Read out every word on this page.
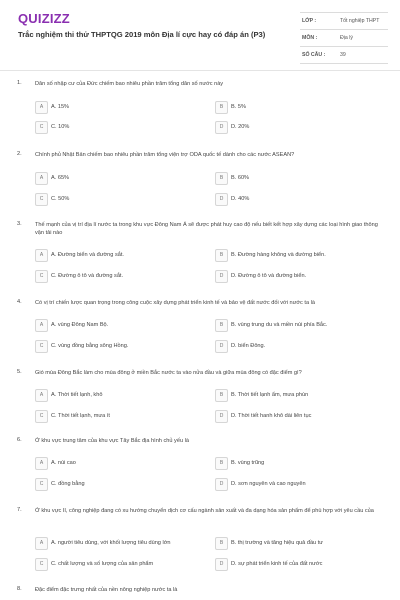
QUIZIZZ
Trắc nghiệm thi thử THPTQG 2019 môn Địa lí cực hay có đáp án (P3)
LỚP :	Tốt nghiệp THPT
MÔN :	Địa lý
SỐ CÂU :	39
1. Dân số nhập cư của Đức chiếm bao nhiêu phần trăm tổng dân số nước này
A	A. 15%	B	B. 5%
C	C. 10%	D	D. 20%
2. Chính phủ Nhật Bản chiếm bao nhiêu phần trăm tổng viện trợ ODA quốc tế dành cho các nước ASEAN?
A	A. 65%	B	B. 60%
C	C. 50%	D	D. 40%
3. Thế mạnh của vị trí địa lí nước ta trong khu vực Đông Nam Á sẽ được phát huy cao độ nếu biết kết hợp xây dựng các loại hình giao thông vận tải nào
A	A. Đường biển và đường sắt.	B	B. Đường hàng không và đường biển.
C	C. Đường ô tô và đường sắt.	D	D. Đường ô tô và đường biển.
4. Có vị trí chiến lược quan trọng trong công cuộc xây dựng phát triển kinh tế và bảo vệ đất nước đối với nước ta là
A	A. vùng Đông Nam Bộ.	B	B. vùng trung du và miền núi phía Bắc.
C	C. vùng đồng bằng sông Hồng.	D	D. biển Đông.
5. Gió mùa Đông Bắc làm cho mùa đông ở miền Bắc nước ta vào nửa đầu và giữa mùa đông có đặc điểm gì?
A	A. Thời tiết lạnh, khô	B	B. Thời tiết lạnh ẩm, mưa phùn
C	C. Thời tiết lạnh, mưa ít	D	D. Thời tiết hanh khô dài liên tục
6. Ở khu vực trung tâm của khu vực Tây Bắc địa hình chủ yếu là
A	A. núi cao	B	B. vùng trũng
C	C. đồng bằng	D	D. sơn nguyên và cao nguyên
7. Ở khu vực II, công nghiệp đang có xu hướng chuyển dịch cơ cấu ngành sản xuất và đa dạng hóa sản phẩm để phù hợp với yêu cầu của
A	A. người tiêu dùng, với khối lượng tiêu dùng lớn	B	B. thị trường và tăng hiệu quả đầu tư
C	C. chất lượng và số lượng của sản phẩm	D	D. sự phát triển kinh tế của đất nước
8. Đặc điểm đặc trưng nhất của nền nông nghiệp nước ta là
